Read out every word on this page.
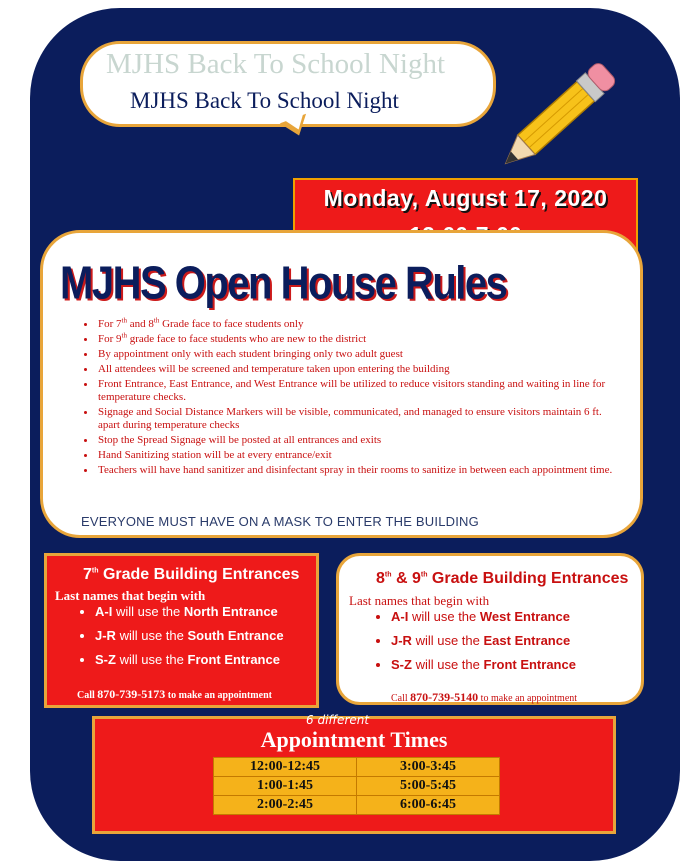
MJHS Back To School Night
MJHS Back To School Night
Monday, August 17, 2020
MJHS Open House Rules
• For 7th and 8th Grade face to face students only
• For 9th grade face to face students who are new to the district
• By appointment only with each student bringing only two adult guest
• All attendees will be screened and temperature taken upon entering the building
• Front Entrance, East Entrance, and West Entrance will be utilized to reduce visitors standing and waiting in line for temperature checks.
• Signage and Social Distance Markers will be visible, communicated, and managed to ensure visitors maintain 6 ft. apart during temperature checks
• Stop the Spread Signage will be posted at all entrances and exits
• Hand Sanitizing station will be at every entrance/exit
• Teachers will have hand sanitizer and disinfectant spray in their rooms to sanitize in between each appointment time.
EVERYONE MUST HAVE ON A MASK TO ENTER THE BUILDING
7th Grade Building Entrances
Last names that begin with
• A-I will use the North Entrance
• J-R will use the South Entrance
• S-Z will use the Front Entrance
Call 870-739-5173 to make an appointment
8th & 9th Grade Building Entrances
Last names that begin with
• A-I will use the West Entrance
• J-R will use the East Entrance
• S-Z will use the Front Entrance
Call 870-739-5140 to make an appointment
6 different
Appointment Times
12:00-12:45	3:00-3:45
1:00-1:45	5:00-5:45
2:00-2:45	6:00-6:45
